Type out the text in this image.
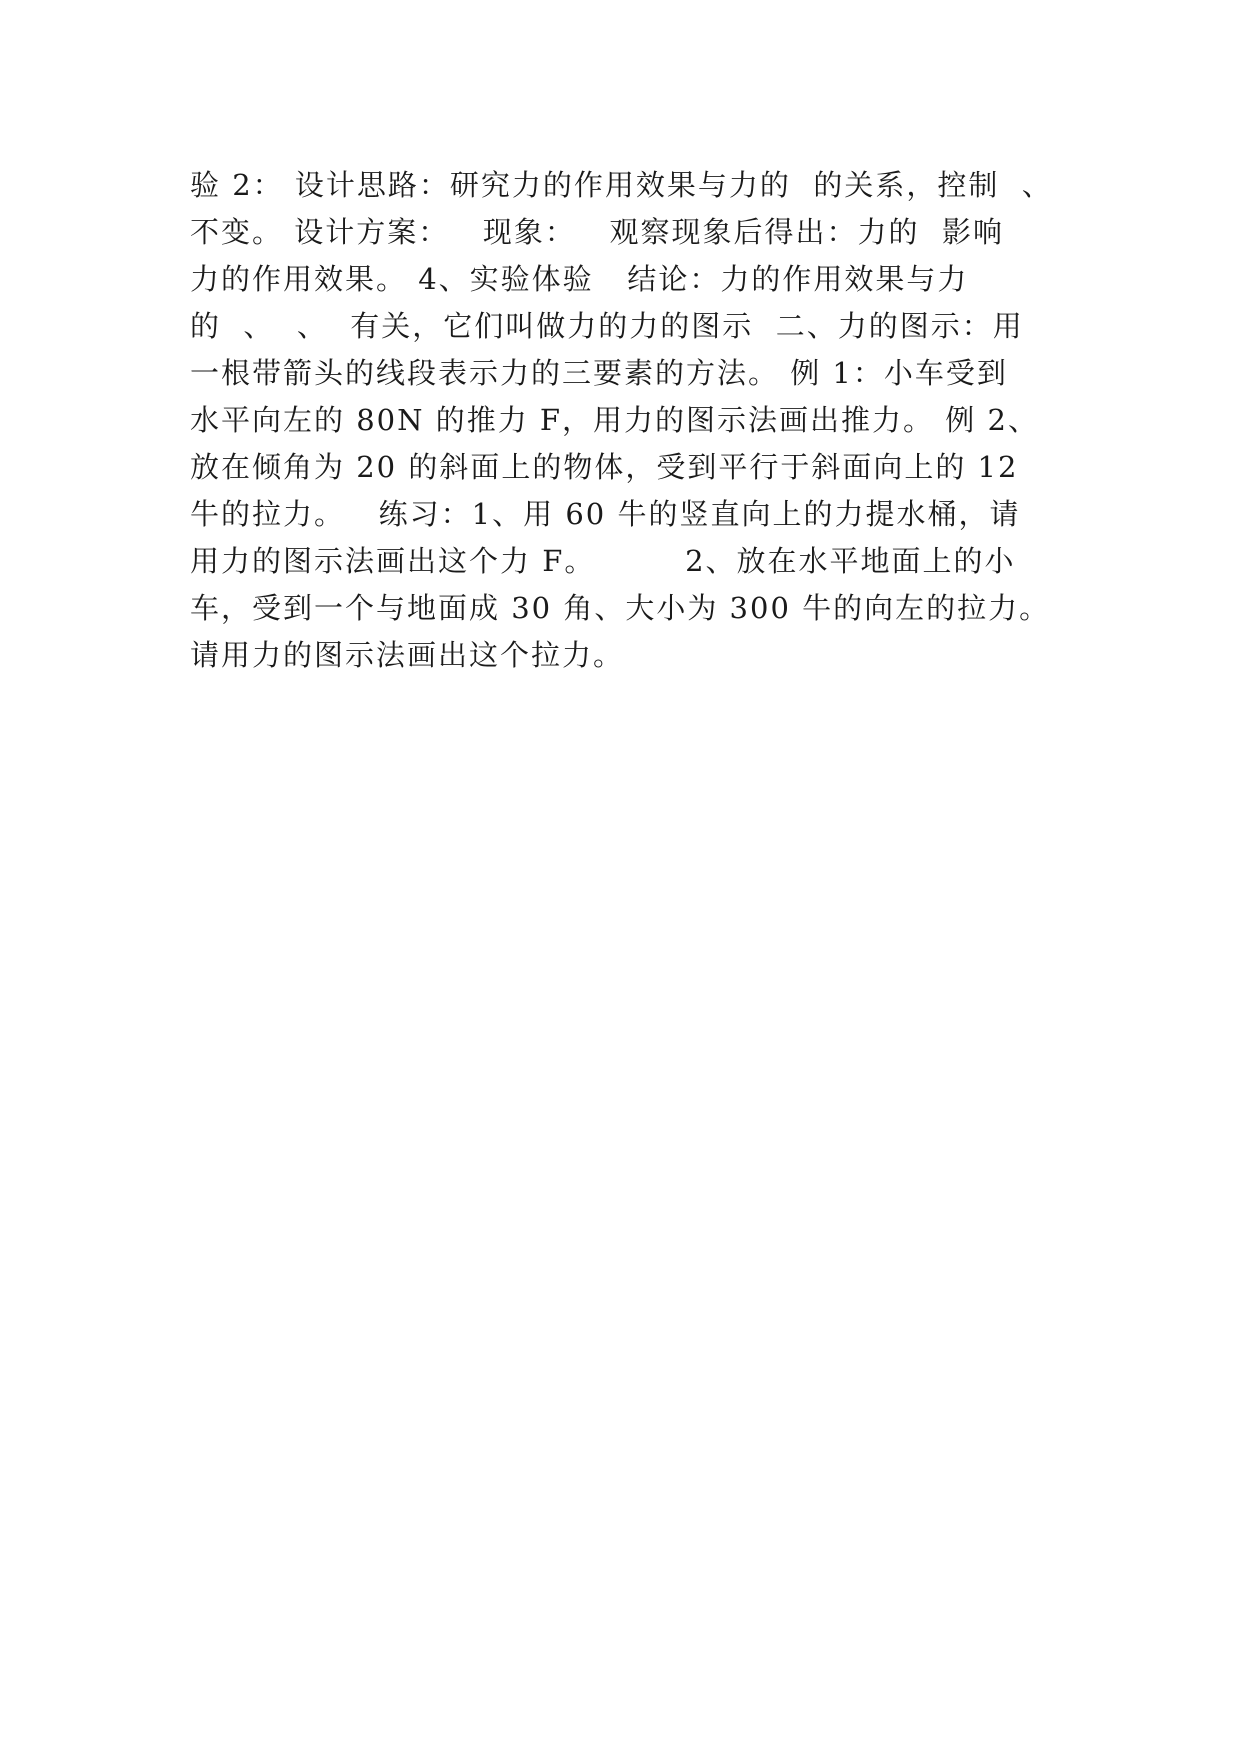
验 2： 设计思路：研究力的作用效果与力的  的关系，控制  、
不变。 设计方案：   现象：   观察现象后得出：力的  影响
力的作用效果。 4、实验体验   结论：力的作用效果与力
的  、  、  有关，它们叫做力的力的图示  二、力的图示：用
一根带箭头的线段表示力的三要素的方法。 例 1：小车受到
水平向左的 80N 的推力 F，用力的图示法画出推力。 例 2、
放在倾角为 20 的斜面上的物体，受到平行于斜面向上的 12
牛的拉力。   练习：1、用 60 牛的竖直向上的力提水桶，请
用力的图示法画出这个力 F。        2、放在水平地面上的小
车，受到一个与地面成 30 角、大小为 300 牛的向左的拉力。
请用力的图示法画出这个拉力。
